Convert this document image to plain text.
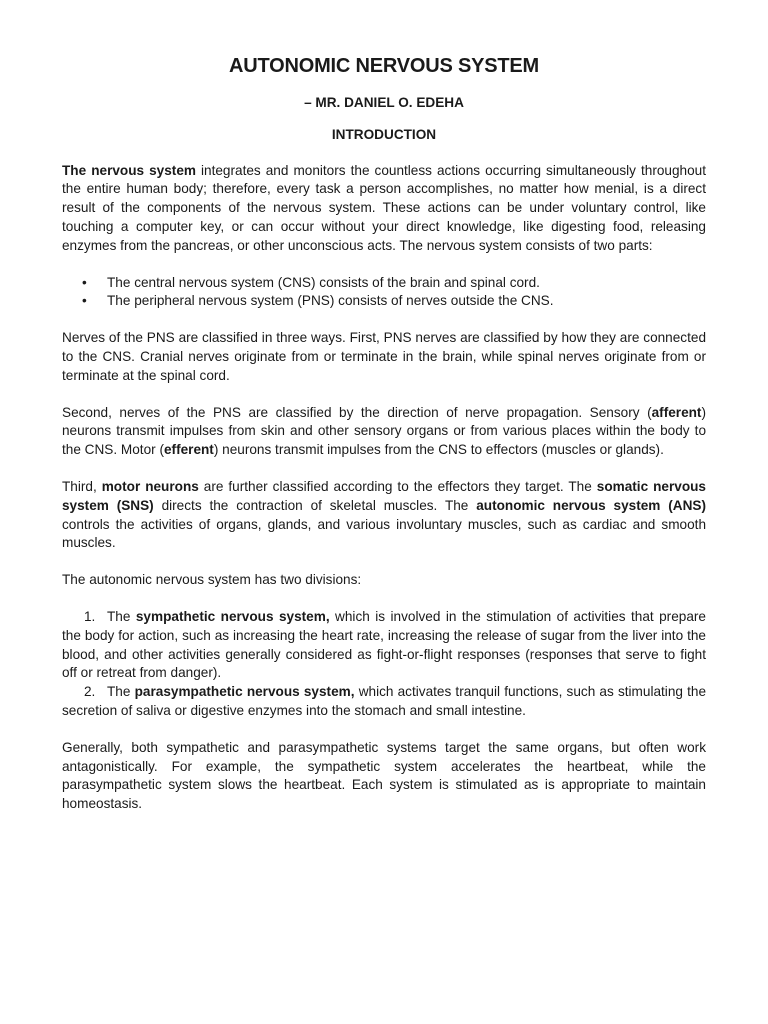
AUTONOMIC NERVOUS SYSTEM
– MR. DANIEL O. EDEHA
INTRODUCTION

The nervous system integrates and monitors the countless actions occurring simultaneously throughout the entire human body; therefore, every task a person accomplishes, no matter how menial, is a direct result of the components of the nervous system. These actions can be under voluntary control, like touching a computer key, or can occur without your direct knowledge, like digesting food, releasing enzymes from the pancreas, or other unconscious acts. The nervous system consists of two parts:

• The central nervous system (CNS) consists of the brain and spinal cord.
• The peripheral nervous system (PNS) consists of nerves outside the CNS.

Nerves of the PNS are classified in three ways. First, PNS nerves are classified by how they are connected to the CNS. Cranial nerves originate from or terminate in the brain, while spinal nerves originate from or terminate at the spinal cord.

Second, nerves of the PNS are classified by the direction of nerve propagation. Sensory (afferent) neurons transmit impulses from skin and other sensory organs or from various places within the body to the CNS. Motor (efferent) neurons transmit impulses from the CNS to effectors (muscles or glands).

Third, motor neurons are further classified according to the effectors they target. The somatic nervous system (SNS) directs the contraction of skeletal muscles. The autonomic nervous system (ANS) controls the activities of organs, glands, and various involuntary muscles, such as cardiac and smooth muscles.

The autonomic nervous system has two divisions:

1. The sympathetic nervous system, which is involved in the stimulation of activities that prepare the body for action, such as increasing the heart rate, increasing the release of sugar from the liver into the blood, and other activities generally considered as fight-or-flight responses (responses that serve to fight off or retreat from danger).
2. The parasympathetic nervous system, which activates tranquil functions, such as stimulating the secretion of saliva or digestive enzymes into the stomach and small intestine.

Generally, both sympathetic and parasympathetic systems target the same organs, but often work antagonistically. For example, the sympathetic system accelerates the heartbeat, while the parasympathetic system slows the heartbeat. Each system is stimulated as is appropriate to maintain homeostasis.
